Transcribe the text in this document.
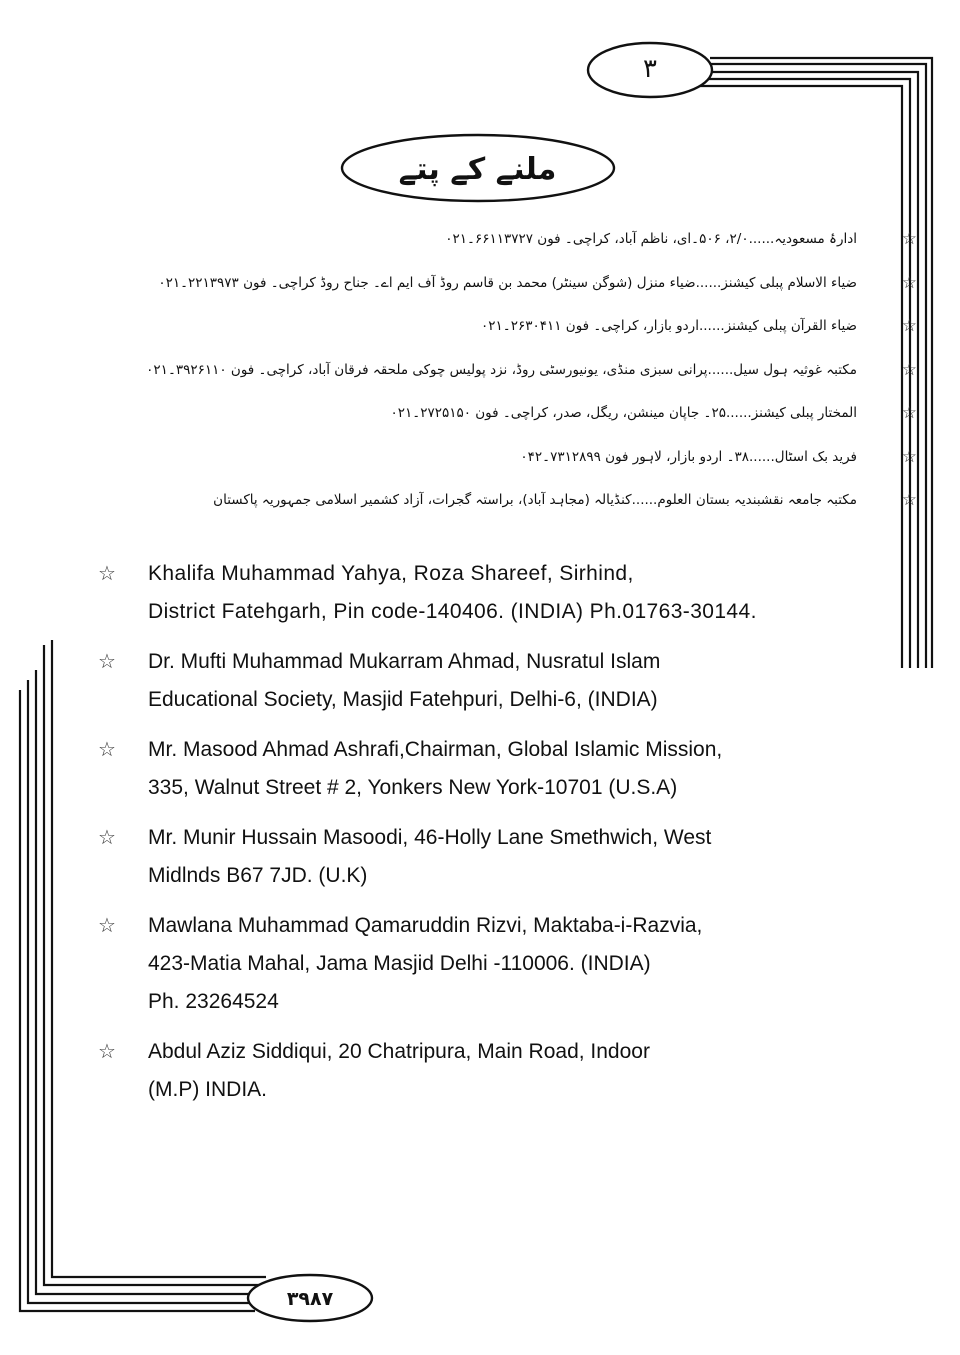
۳
ملنے کے پتے
☆
ادارۂ مسعودیہ......۲/۰، ۵۰۶۔ای، ناظم آباد، کراچی۔ فون ۶۶۱۱۳۷۲۷۔۰۲۱
☆
ضیاء الاسلام پبلی کیشنز......ضیاء منزل (شوگن سینٹر) محمد بن قاسم روڈ آف ایم اے۔ جناح روڈ کراچی۔ فون ۲۲۱۳۹۷۳۔۰۲۱
☆
ضیاء القرآن پبلی کیشنز......اردو بازار، کراچی۔ فون ۲۶۳۰۴۱۱۔۰۲۱
☆
مکتبہ غوثیہ ہول سیل......پرانی سبزی منڈی، یونیورسٹی روڈ، نزد پولیس چوکی ملحقہ فرقان آباد، کراچی۔ فون ۳۹۲۶۱۱۰۔۰۲۱
☆
المختار پبلی کیشنز......۲۵۔ جاپان مینشن، ریگل، صدر، کراچی۔ فون ۲۷۲۵۱۵۰۔۰۲۱
☆
فرید بک اسٹال......۳۸۔ اردو بازار، لاہور فون ۷۳۱۲۸۹۹۔۰۴۲
☆
مکتبہ جامعہ نقشبندیہ بستان العلوم......کنڈیالہ (مجاہد آباد)، براستہ گجرات، آزاد کشمیر اسلامی جمہوریہ پاکستان
☆ Khalifa Muhammad Yahya, Roza Shareef, Sirhind,
District Fatehgarh, Pin code-140406. (INDIA) Ph.01763-30144.
☆ Dr. Mufti Muhammad Mukarram Ahmad, Nusratul Islam
Educational Society, Masjid Fatehpuri, Delhi-6, (INDIA)
☆ Mr. Masood Ahmad Ashrafi,Chairman, Global Islamic Mission,
335, Walnut Street # 2, Yonkers New York-10701 (U.S.A)
☆ Mr. Munir Hussain Masoodi, 46-Holly Lane Smethwich, West
Midlnds B67 7JD. (U.K)
☆ Mawlana Muhammad Qamaruddin Rizvi, Maktaba-i-Razvia,
423-Matia Mahal, Jama Masjid Delhi -110006. (INDIA)
Ph. 23264524
☆ Abdul Aziz Siddiqui, 20 Chatripura, Main Road, Indoor
(M.P) INDIA.
۳۹۸۷
